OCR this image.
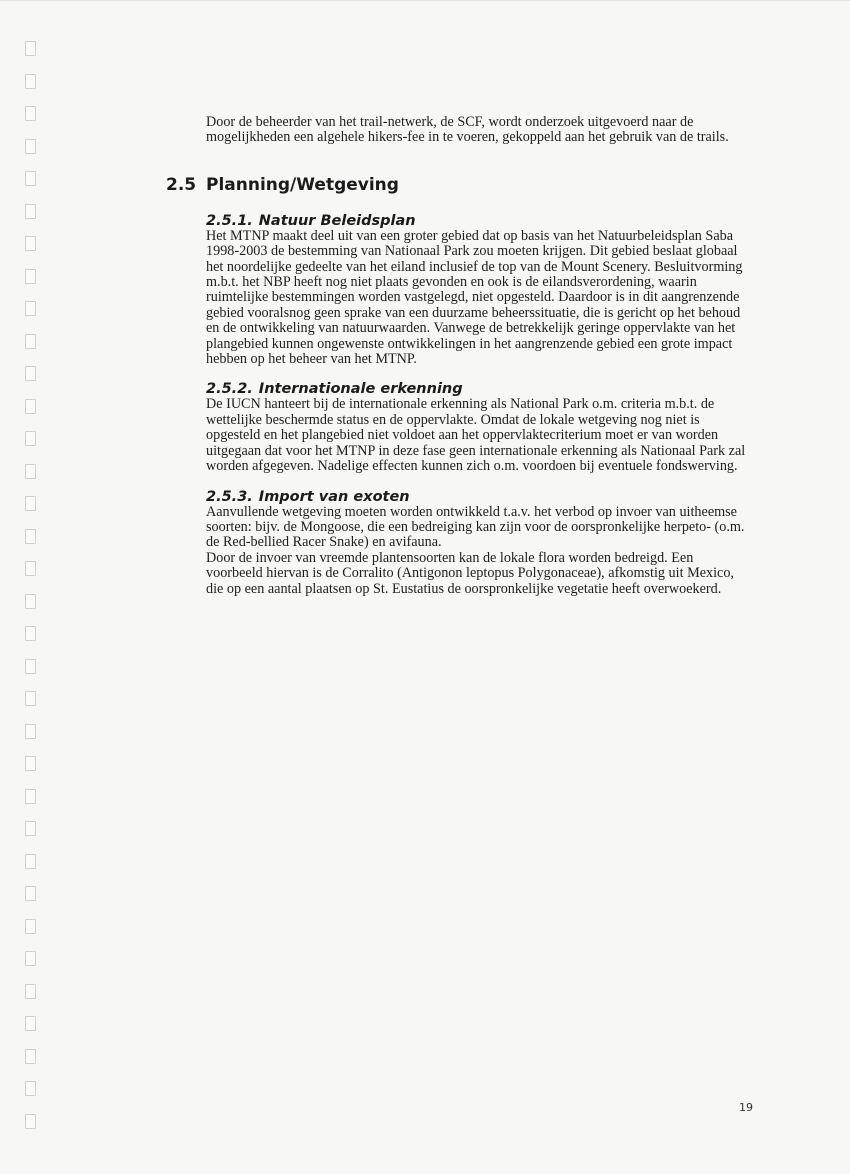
Door de beheerder van het trail-netwerk, de SCF, wordt onderzoek uitgevoerd naar de mogelijkheden een algehele hikers-fee in te voeren, gekoppeld aan het gebruik van de trails.

2.5 Planning/Wetgeving
2.5.1. Natuur Beleidsplan

Het MTNP maakt deel uit van een groter gebied dat op basis van het Natuurbeleidsplan Saba 1998-2003 de bestemming van Nationaal Park zou moeten krijgen. Dit gebied beslaat globaal het noordelijke gedeelte van het eiland inclusief de top van de Mount Scenery. Besluitvorming m.b.t. het NBP heeft nog niet plaats gevonden en ook is de eilandsverordening, waarin ruimtelijke bestemmingen worden vastgelegd, niet opgesteld. Daardoor is in dit aangrenzende gebied vooralsnog geen sprake van een duurzame beheerssituatie, die is gericht op het behoud en de ontwikkeling van natuurwaarden. Vanwege de betrekkelijk geringe oppervlakte van het plangebied kunnen ongewenste ontwikkelingen in het aangrenzende gebied een grote impact hebben op het beheer van het MTNP.

2.5.2. Internationale erkenning

De IUCN hanteert bij de internationale erkenning als National Park o.m. criteria m.b.t. de wettelijke beschermde status en de oppervlakte. Omdat de lokale wetgeving nog niet is opgesteld en het plangebied niet voldoet aan het oppervlaktecriterium moet er van worden uitgegaan dat voor het MTNP in deze fase geen internationale erkenning als Nationaal Park zal worden afgegeven. Nadelige effecten kunnen zich o.m. voordoen bij eventuele fondswerving.

2.5.3. Import van exoten

Aanvullende wetgeving moeten worden ontwikkeld t.a.v. het verbod op invoer van uitheemse soorten: bijv. de Mongoose, die een bedreiging kan zijn voor de oorspronkelijke herpeto- (o.m. de Red-bellied Racer Snake) en avifauna.

Door de invoer van vreemde plantensoorten kan de lokale flora worden bedreigd. Een voorbeeld hiervan is de Corralito (Antigonon leptopus Polygonaceae), afkomstig uit Mexico, die op een aantal plaatsen op St. Eustatius de oorspronkelijke vegetatie heeft overwoekerd.

19
